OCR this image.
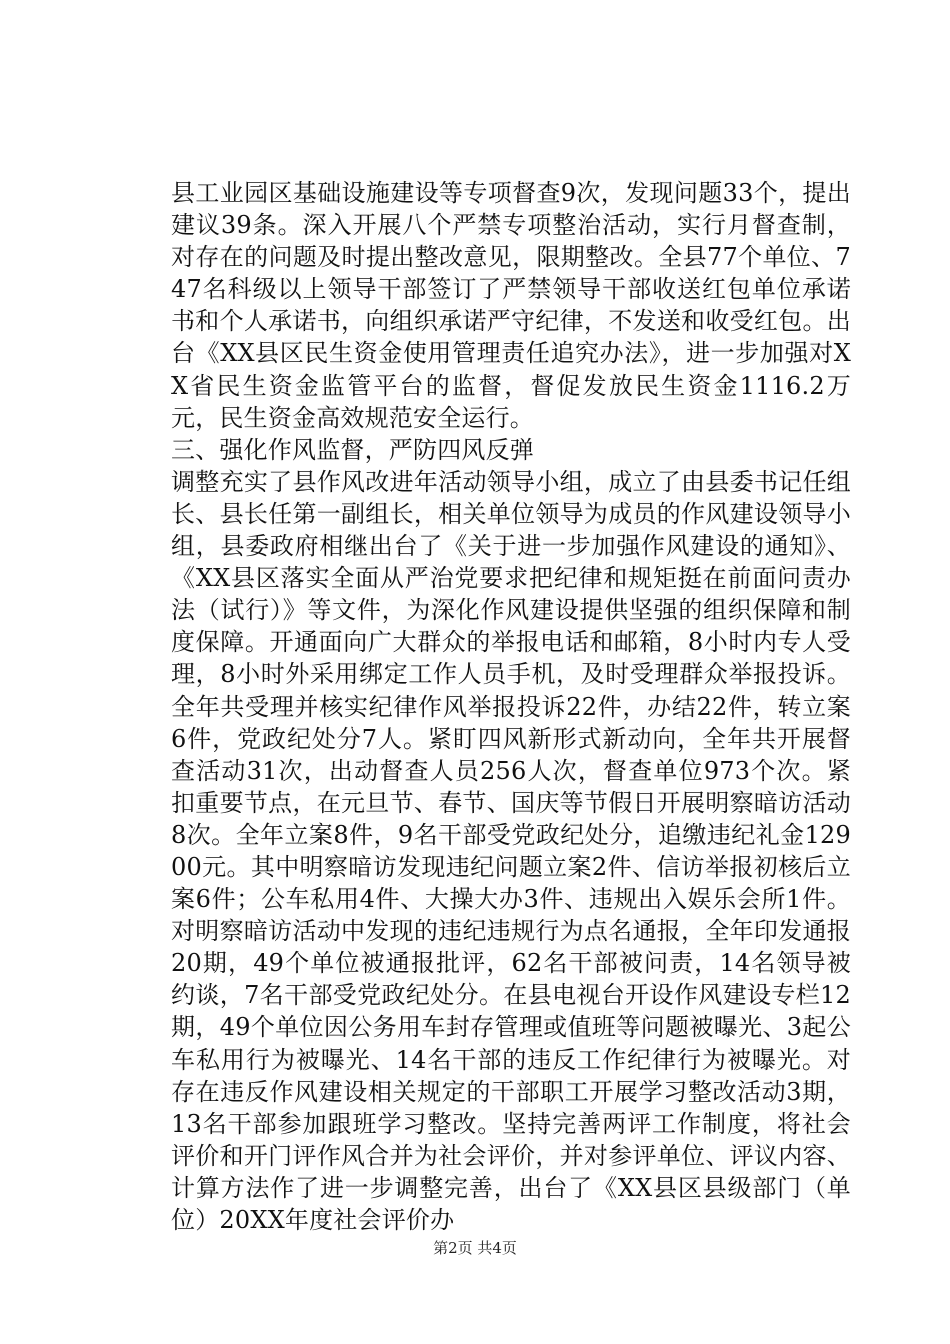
县工业园区基础设施建设等专项督查9次，发现问题33个，提出建议39条。深入开展八个严禁专项整治活动，实行月督查制，对存在的问题及时提出整改意见，限期整改。全县77个单位、747名科级以上领导干部签订了严禁领导干部收送红包单位承诺书和个人承诺书，向组织承诺严守纪律，不发送和收受红包。出台《XX县区民生资金使用管理责任追究办法》，进一步加强对XX省民生资金监管平台的监督，督促发放民生资金1116.2万元，民生资金高效规范安全运行。

三、强化作风监督，严防四风反弹

调整充实了县作风改进年活动领导小组，成立了由县委书记任组长、县长任第一副组长，相关单位领导为成员的作风建设领导小组，县委政府相继出台了《关于进一步加强作风建设的通知》、《XX县区落实全面从严治党要求把纪律和规矩挺在前面问责办法（试行）》等文件，为深化作风建设提供坚强的组织保障和制度保障。开通面向广大群众的举报电话和邮箱，8小时内专人受理，8小时外采用绑定工作人员手机，及时受理群众举报投诉。全年共受理并核实纪律作风举报投诉22件，办结22件，转立案6件，党政纪处分7人。紧盯四风新形式新动向，全年共开展督查活动31次，出动督查人员256人次，督查单位973个次。紧扣重要节点，在元旦节、春节、国庆等节假日开展明察暗访活动8次。全年立案8件，9名干部受党政纪处分，追缴违纪礼金12900元。其中明察暗访发现违纪问题立案2件、信访举报初核后立案6件；公车私用4件、大操大办3件、违规出入娱乐会所1件。对明察暗访活动中发现的违纪违规行为点名通报，全年印发通报20期，49个单位被通报批评，62名干部被问责，14名领导被约谈，7名干部受党政纪处分。在县电视台开设作风建设专栏12期，49个单位因公务用车封存管理或值班等问题被曝光、3起公车私用行为被曝光、14名干部的违反工作纪律行为被曝光。对存在违反作风建设相关规定的干部职工开展学习整改活动3期，13名干部参加跟班学习整改。坚持完善两评工作制度，将社会评价和开门评作风合并为社会评价，并对参评单位、评议内容、计算方法作了进一步调整完善，出台了《XX县区县级部门（单位）20XX年度社会评价办

第2页 共4页
